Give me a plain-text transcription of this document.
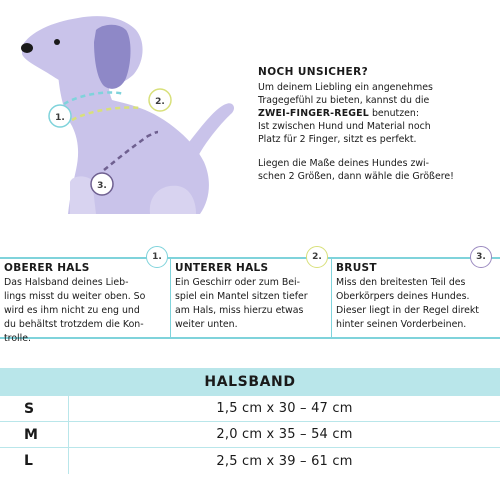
1.
2.
3.
NOCH UNSICHER?

Um deinem Liebling ein angenehmes

Tragegefühl zu bieten, kannst du die

ZWEI-FINGER-REGEL benutzen:

Ist zwischen Hund und Material noch

Platz für 2 Finger, sitzt es perfekt.

Liegen die Maße deines Hundes zwi-

schen 2 Größen, dann wähle die Größere!

OBERER HALS
Das Halsband deines Lieb-
lings misst du weiter oben. So
wird es ihm nicht zu eng und
du behältst trotzdem die Kon-
trolle.
UNTERER HALS
Ein Geschirr oder zum Bei-
spiel ein Mantel sitzen tiefer
am Hals, miss hierzu etwas
weiter unten.
BRUST
Miss den breitesten Teil des
Oberkörpers deines Hundes.
Dieser liegt in der Regel direkt
hinter seinen Vorderbeinen.
1.	2.	3.
HALSBAND
S	1,5 cm x 30 – 47 cm
M	2,0 cm x 35 – 54 cm
L	2,5 cm x 39 – 61 cm
